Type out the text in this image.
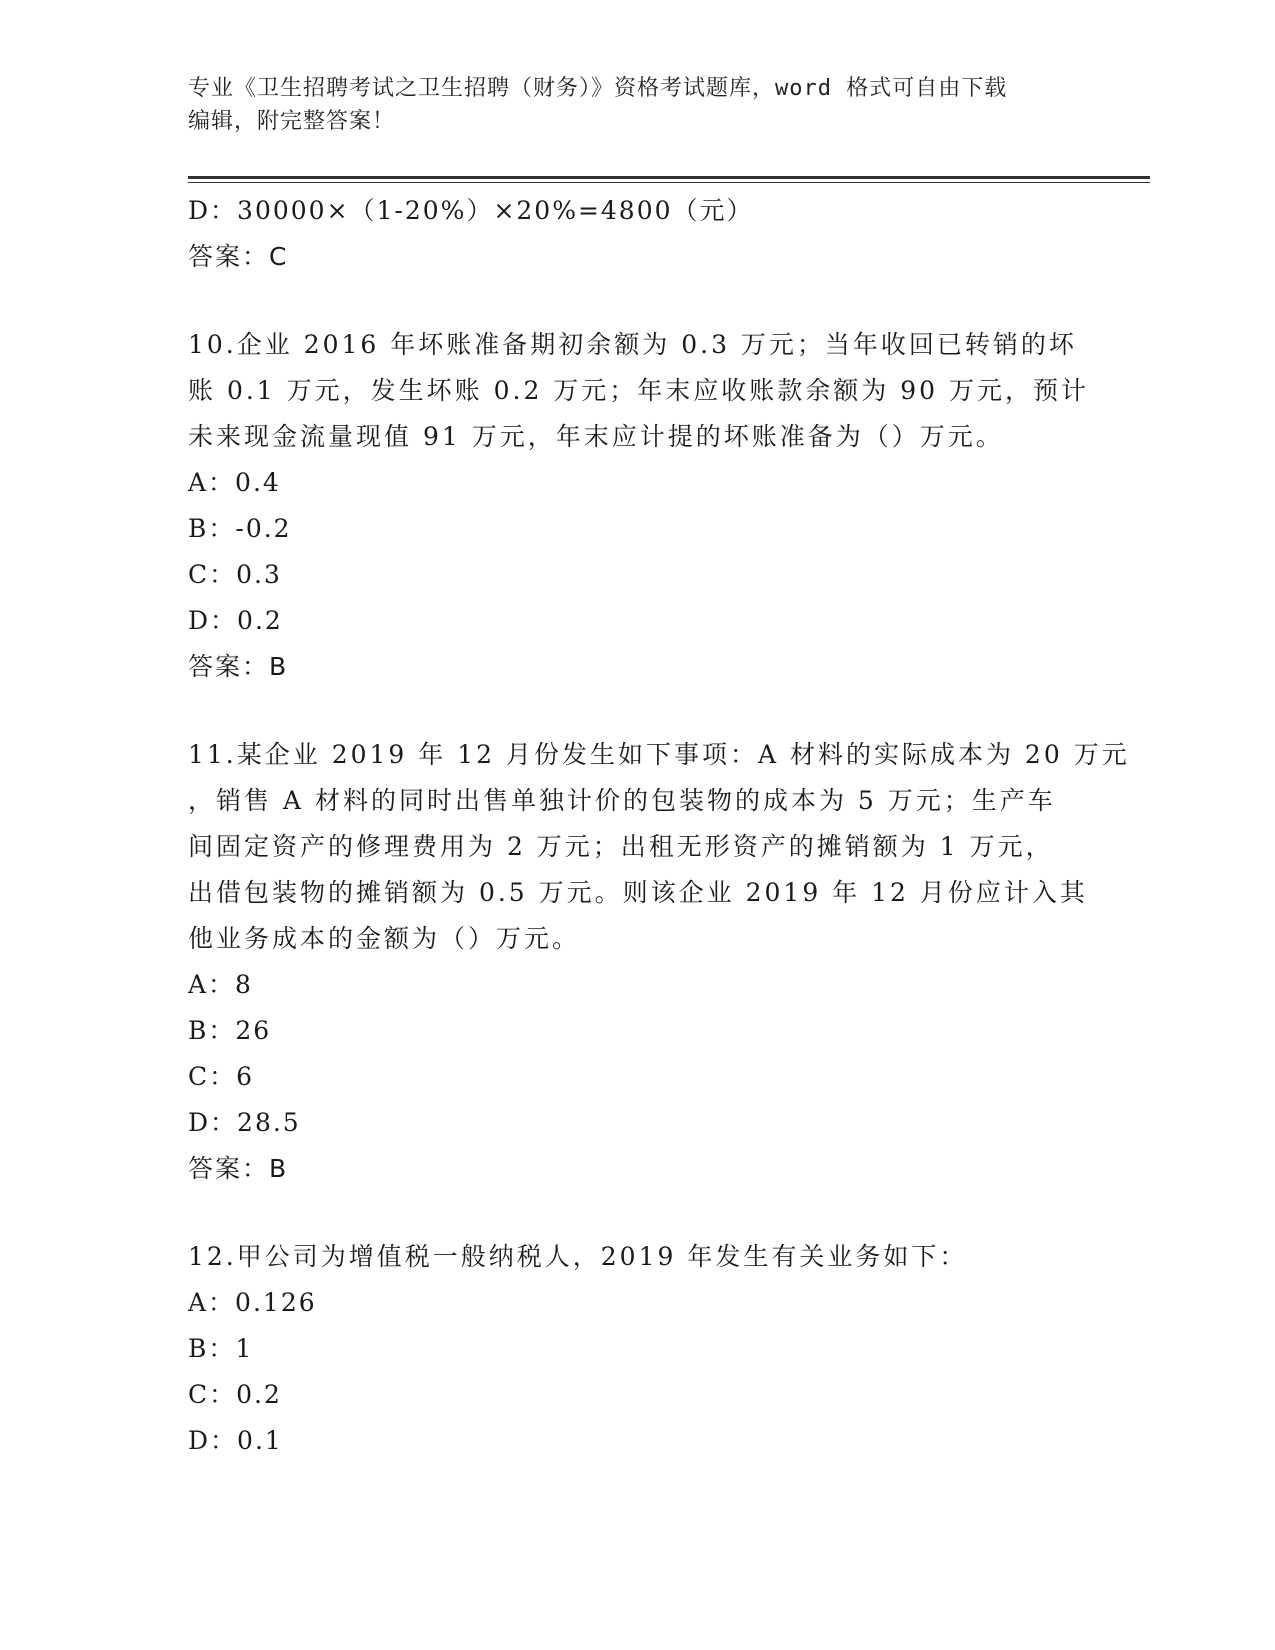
专业《卫生招聘考试之卫生招聘（财务）》资格考试题库，word 格式可自由下载
编辑，附完整答案！
D：30000×（1-20%）×20%=4800（元）
答案：C
10.企业 2016 年坏账准备期初余额为 0.3 万元；当年收回已转销的坏
账 0.1 万元，发生坏账 0.2 万元；年末应收账款余额为 90 万元，预计
未来现金流量现值 91 万元，年末应计提的坏账准备为（）万元。
A：0.4
B：-0.2
C：0.3
D：0.2
答案：B
11.某企业 2019 年 12 月份发生如下事项：A 材料的实际成本为 20 万元
，销售 A 材料的同时出售单独计价的包装物的成本为 5 万元；生产车
间固定资产的修理费用为 2 万元；出租无形资产的摊销额为 1 万元，
出借包装物的摊销额为 0.5 万元。则该企业 2019 年 12 月份应计入其
他业务成本的金额为（）万元。
A：8
B：26
C：6
D：28.5
答案：B
12.甲公司为增值税一般纳税人，2019 年发生有关业务如下：
A：0.126
B：1
C：0.2
D：0.1
